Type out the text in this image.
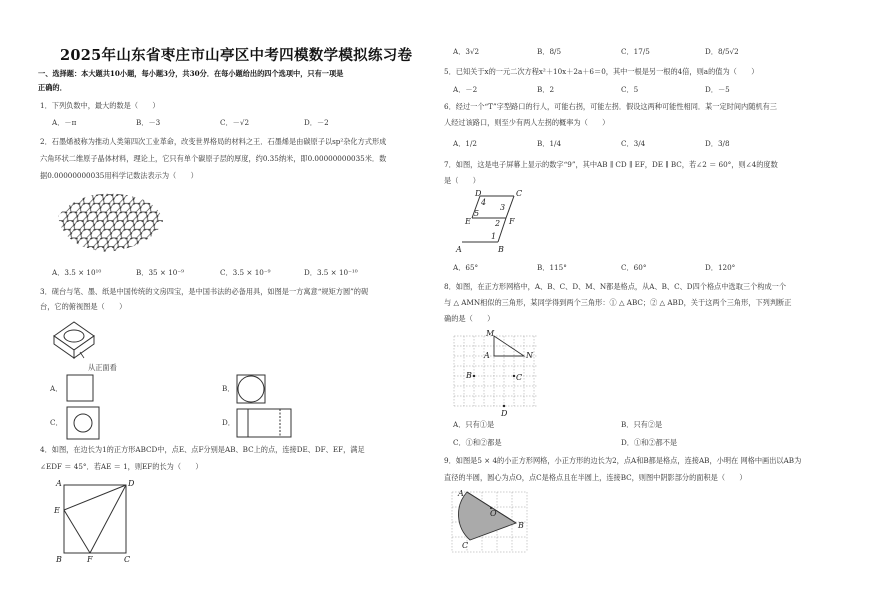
2025年山东省枣庄市山亭区中考四模数学模拟练习卷
一、选择题：本大题共10小题，每小题3分，共30分．在每小题给出的四个选项中，只有一项是
正确的．
1．下列负数中，最大的数是（　　）
A．－π	B．－3	C．－√2	D．－2
2．石墨烯被称为推动人类第四次工业革命，改变世界格局的材料之王．石墨烯是由碳原子以sp²杂化方式形成
六角环状二维原子晶体材料，理论上，它只有单个碳原子层的厚度，约0.35纳米，即0.00000000035米．数
据0.00000000035用科学记数法表示为（　　）
A．3.5 × 10¹⁰	B．35 × 10⁻⁹	C．3.5 × 10⁻⁹	D．3.5 × 10⁻¹⁰
3．砚台与笔、墨、纸是中国传统的文房四宝，是中国书法的必备用具，如图是一方寓意“规矩方圆”的砚
台，它的俯视图是（　　）
从正面看
A．	B．
C．	D．
4．如图，在边长为1的正方形ABCD中，点E、点F分别是AB、BC上的点，连接DE、DF、EF，满足
∠EDF ＝ 45°．若AE ＝ 1，则EF的长为（　　）
A	D
E
B	F	C
A．3√2	B．8/5	C．17/5	D．8/5√2
5．已知关于x的一元二次方程x²＋10x＋2a＋6＝0，其中一根是另一根的4倍，则a的值为（　　）
A．－2	B．2	C．5	D．－5
6．经过一个“T”字型路口的行人，可能右拐，可能左拐．假设这两种可能性相同．某一定时间内随机有三
人经过该路口，则至少有两人左拐的概率为（　　）
A．1/2	B．1/4	C．3/4	D．3/8
7．如图，这是电子屏幕上显示的数字“9”，其中AB ∥ CD ∥ EF，DE ∥ BC，若∠2 ＝ 60°，则∠4的度数
是（　　）
D	C
4
5
3
E	2 F
1
A	B
A．65°	B．115°	C．60°	D．120°
8．如图，在正方形网格中，A、B、C、D、M、N都是格点，从A、B、C、D四个格点中选取三个构成一个
与 △ AMN相似的三角形，某同学得到两个三角形：① △ ABC；② △ ABD，关于这两个三角形，下列判断正
确的是（　　）
M
A	N
B	C
D
A．只有①是	B．只有②是
C．①和②都是	D．①和②都不是
9．如图是5 × 4的小正方形网格，小正方形的边长为2，点A和B都是格点，连接AB，小明在 网格中画出以AB为
直径的半圆，圆心为点O，点C是格点且在半圆上，连接BC，则图中阴影部分的面积是（　　）
A
O
B
C
